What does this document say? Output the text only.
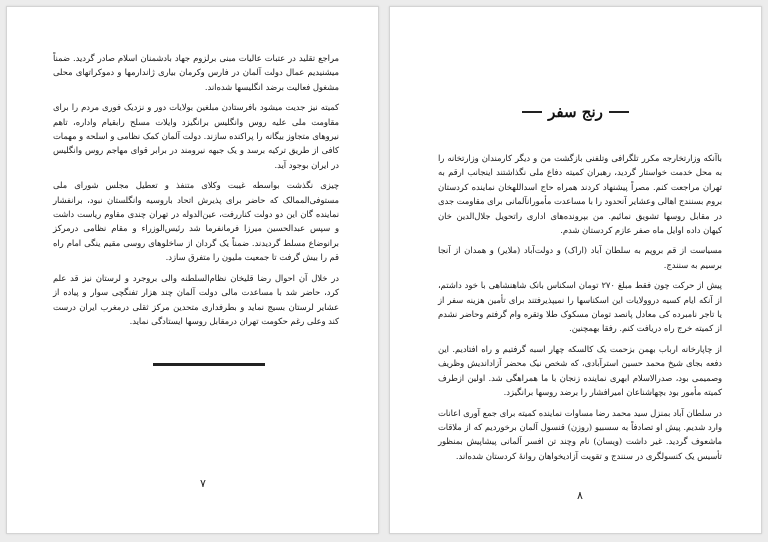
مراجع تقلید در عتبات عالیات مبنی برلزوم جهاد بادشمنان اسلام صادر گردید. ضمناً میشنیدیم عمال دولت آلمان در فارس وکرمان بیاری ژاندارمها و دموکراتهای محلی مشغول فعالیت برضد انگلیسها شده‌اند.

کمیته نیز جدیت میشود بافرستادن مبلغین بولایات دور و نزدیک فوری مردم را برای مقاومت ملی علیه روس وانگلیس برانگیزد وایلات مسلح رابقیام واداره، تاهم نیروهای متجاوز بیگانه را پراکنده سازند. دولت آلمان کمک نظامی و اسلحه و مهمات کافی از طریق ترکیه برسد و یک جبهه نیرومند در برابر قوای مهاجم روس وانگلیس در ایران بوجود آید.

چیزی نگذشت بواسطه غیبت وکلای متنفذ و تعطیل مجلس شورای ملی مستوفی‌الممالک که حاضر برای پذیرش اتحاد باروسیه وانگلستان نبود، برانفشار نماینده گان این دو دولت کناررفت، عین‌الدوله در تهران چندی مقاوم ریاست داشت و سپس عبدالحسین میرزا فرمانفرما شد رئیس‌الوزراء و مقام نظامی درمرکز برانوضاع مسلط گردیدند. ضمناً یک گردان از ساخلوهای روسی مقیم ینگی امام راه قم را بیش گرفت تا جمعیت ملیون را متفرق سازد.

در خلال آن احوال رضا قلیخان نظام‌السلطنه والی بروجرد و لرستان نیز قد علم کرد، حاضر شد با مساعدت مالی دولت آلمان چند هزار تفنگچی سوار و پیاده از عشایر لرستان بسیج نماید و بطرفداری متحدین مرکز ثقلی درمغرب ایران درست کند وعلی رغم حکومت تهران درمقابل روسها ایستادگی نماید.

۷
رنج سفر

باآنکه وزارتخارجه مکرر تلگرافی وتلفنی بازگشت من و دیگر کارمندان وزارتخانه را به محل خدمت خواستار گردید، رهبران کمیته دفاع ملی نگذاشتند اینجانب ارقم به تهران مراجعت کنم. مصراً پیشنهاد کردند همراه حاج اسداللهخان نماینده کردستان بروم بسنندج اهالی وعشایر آنحدود را با مساعدت مأمورانآلمانی برای مقاومت جدی در مقابل روسها تشویق نمائیم. من بپرونده‌های اداری راتحویل جلال‌الدین خان کیهان داده اوایل ماه صفر عازم کردستان شدم.

مسیاست از قم بروپم به سلطان آباد (اراک) و دولت‌آباد (ملایر) و همدان از آنجا برسیم به سنندج.

پیش از حرکت چون فقط مبلغ ۲۷۰ تومان اسکناس بانک شاهنشاهی با خود داشتم، از آنکه ایام کسیه دروولایات این اسکناسها را نمیپذیرفتند برای تأمین هزینه سفر از یا تاجر نامبرده کی معادل پانصد تومان مسکوک طلا وتقره وام گرفتم وحاضر نشدم از کمیته خرج راه دریافت کنم. رفقا بهمچنین.

از چاپارخانه ارباب بهمن بزحمت یک کالسکه چهار اسبه گرفتیم و راه افتادیم. این دفعه بجای شیخ محمد حسین استرآبادی، که شخص نیک محضر آزاداندیش وظریف وصمیمی بود، صدرالاسلام ابهری نماینده زنجان با ما همراهگی شد. اولین ازطرف کمیته مأمور بود بچهاشناعان امیرافشار را برضد روسها برانگیزد.

در سلطان آباد بمنزل سید محمد رضا مساوات نماینده کمیته برای جمع آوری اعانات وارد شدیم. پیش او تصادفاً به سسبیو (روزن) قنسول آلمان برخوردیم که از ملاقات ماشعوف گردید. غیر داشت (ویسان) نام وچند تن افسر آلمانی پیشاپیش بمنظور تأسیس یک کنسولگری در سنندج و تقویت آزادیخواهان روانهٔ کردستان شده‌اند.

۸
